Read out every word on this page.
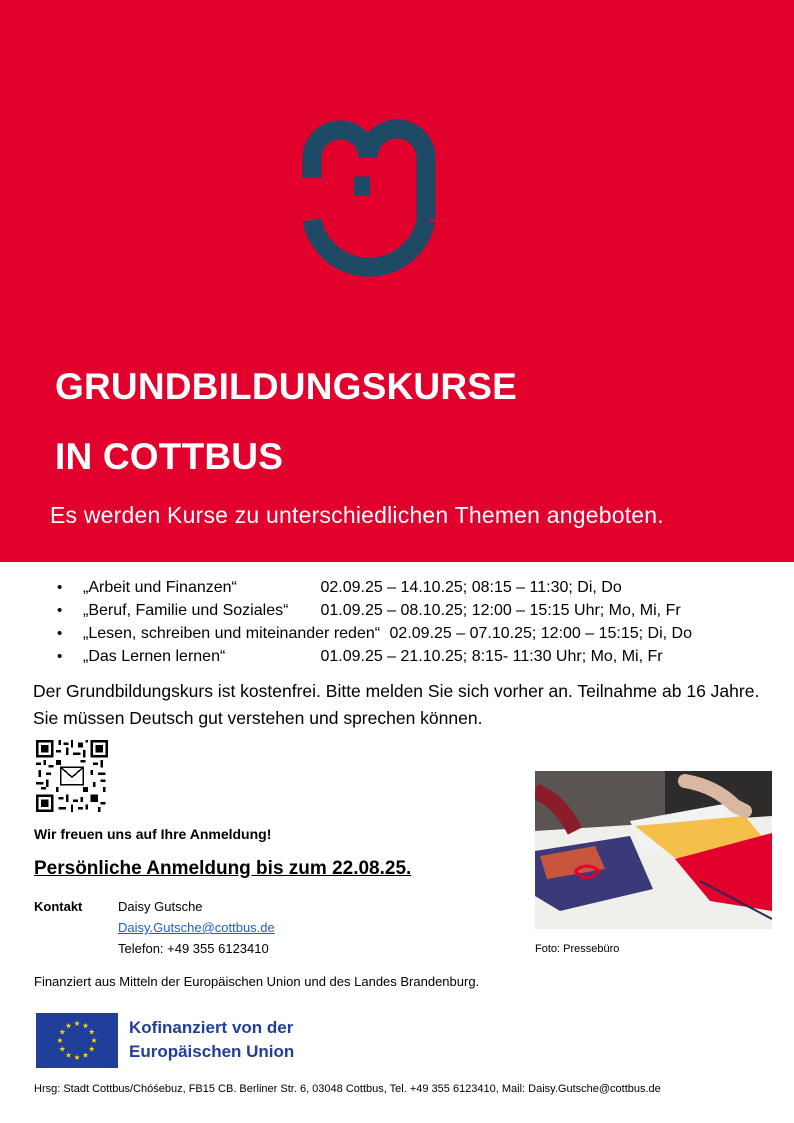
GRUNDBILDUNGSKURSE
IN COTTBUS
Es werden Kurse zu unterschiedlichen Themen angeboten.
• „Arbeit und Finanzen“	02.09.25 – 14.10.25; 08:15 – 11:30; Di, Do
• „Beruf, Familie und Soziales“ 01.09.25 – 08.10.25; 12:00 – 15:15 Uhr; Mo, Mi, Fr
• „Lesen, schreiben und miteinander reden“ 02.09.25 – 07.10.25; 12:00 – 15:15; Di, Do
• „Das Lernen lernen“	01.09.25 – 21.10.25; 8:15- 11:30 Uhr; Mo, Mi, Fr
Der Grundbildungskurs ist kostenfrei. Bitte melden Sie sich vorher an. Teilnahme ab 16 Jahre. Sie müssen Deutsch gut verstehen und sprechen können.
Wir freuen uns auf Ihre Anmeldung!
Persönliche Anmeldung bis zum 22.08.25.
Kontakt	Daisy Gutsche
Daisy.Gutsche@cottbus.de
Telefon: +49 355 6123410	Foto: Pressebüro
Finanziert aus Mitteln der Europäischen Union und des Landes Brandenburg.
Kofinanziert von der
Europäischen Union
Hrsg: Stadt Cottbus/Chóśebuz, FB15 CB. Berliner Str. 6, 03048 Cottbus, Tel. +49 355 6123410, Mail: Daisy.Gutsche@cottbus.de
